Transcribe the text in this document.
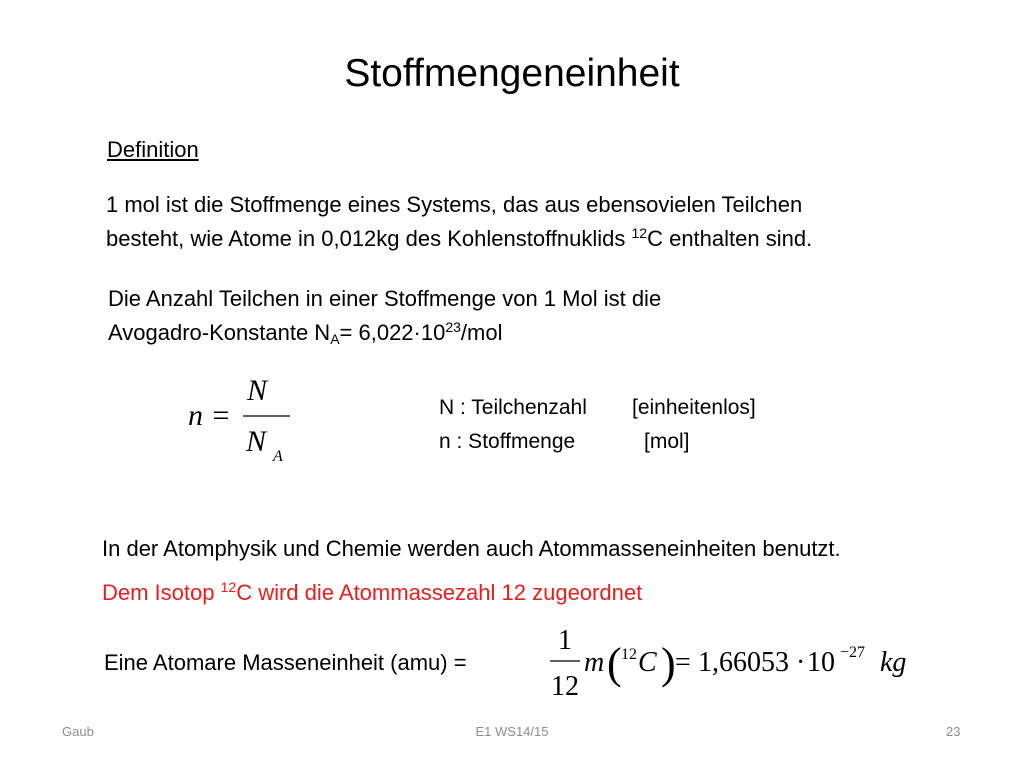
Stoffmengeneinheit
Definition
1 mol ist die Stoffmenge eines Systems, das aus ebensovielen Teilchen
besteht, wie Atome in 0,012kg des Kohlenstoffnuklids $^{12}$C enthalten sind.
Die Anzahl Teilchen in einer Stoffmenge von 1 Mol ist die
Avogadro-Konstante $N_A= 6,022\cdot 10^{23}/mol$
n =
N
N A
N : Teilchenzahl [einheitenlos]
n : Stoffmenge	[mol]
In der Atomphysik und Chemie werden auch Atommasseneinheiten benutzt.
Dem Isotop $^{12}$C wird die Atommassezahl 12 zugeordnet
Eine Atomare Masseneinheit (amu) =
1
12
m ( 12 C ) = 1,66053 · 10 −27 kg
Gaub	E1 WS14/15	23
